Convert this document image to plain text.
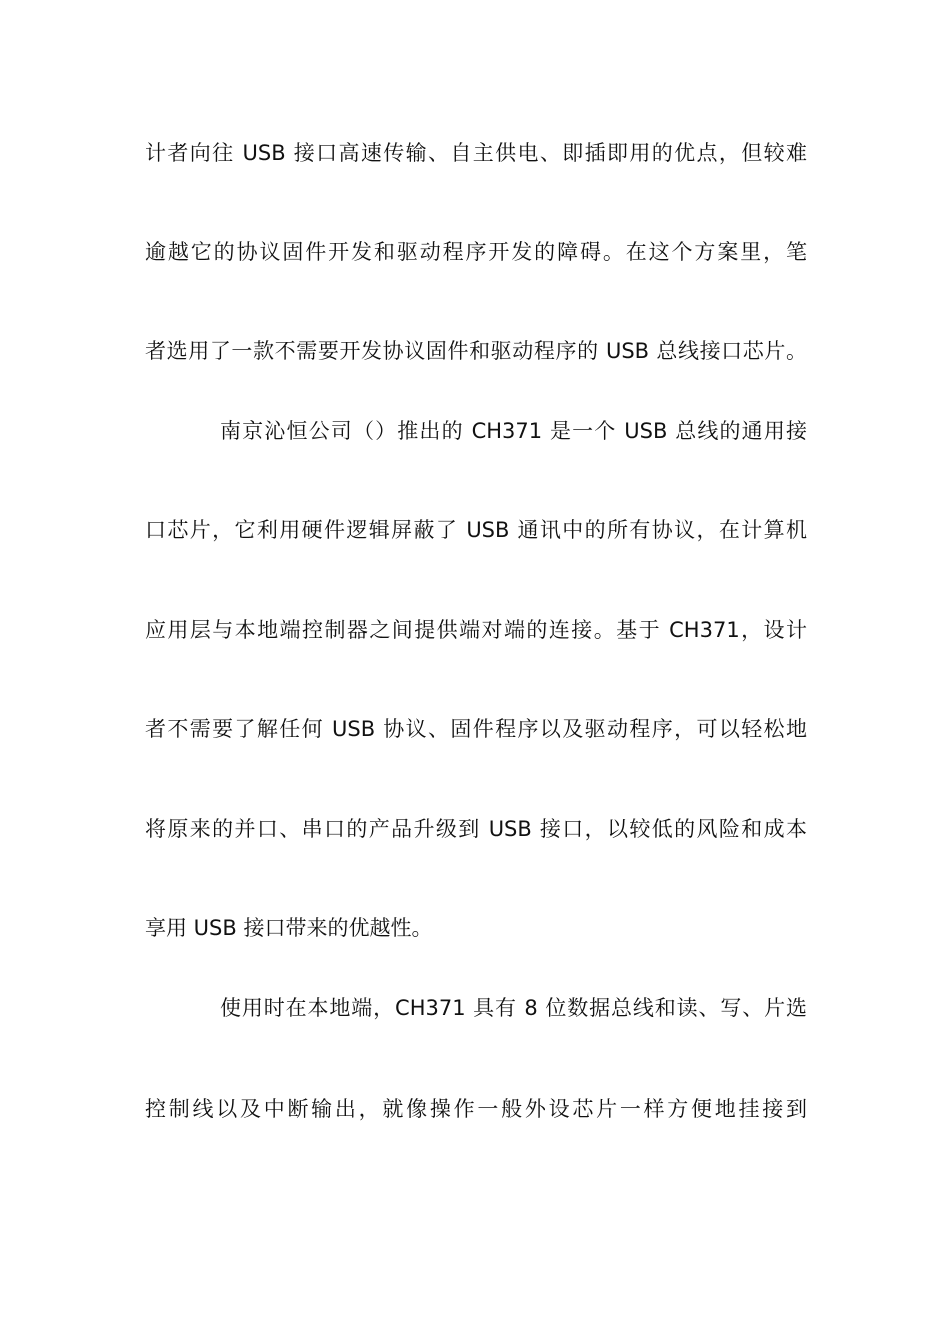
计者向往 USB 接口高速传输、自主供电、即插即用的优点，但较难
逾越它的协议固件开发和驱动程序开发的障碍。在这个方案里，笔
者选用了一款不需要开发协议固件和驱动程序的 USB 总线接口芯片。
南京沁恒公司（）推出的 CH371 是一个 USB 总线的通用接
口芯片，它利用硬件逻辑屏蔽了 USB 通讯中的所有协议，在计算机
应用层与本地端控制器之间提供端对端的连接。基于 CH371，设计
者不需要了解任何 USB 协议、固件程序以及驱动程序，可以轻松地
将原来的并口、串口的产品升级到 USB 接口，以较低的风险和成本
享用 USB 接口带来的优越性。
使用时在本地端，CH371 具有 8 位数据总线和读、写、片选
控制线以及中断输出，就像操作一般外设芯片一样方便地挂接到
